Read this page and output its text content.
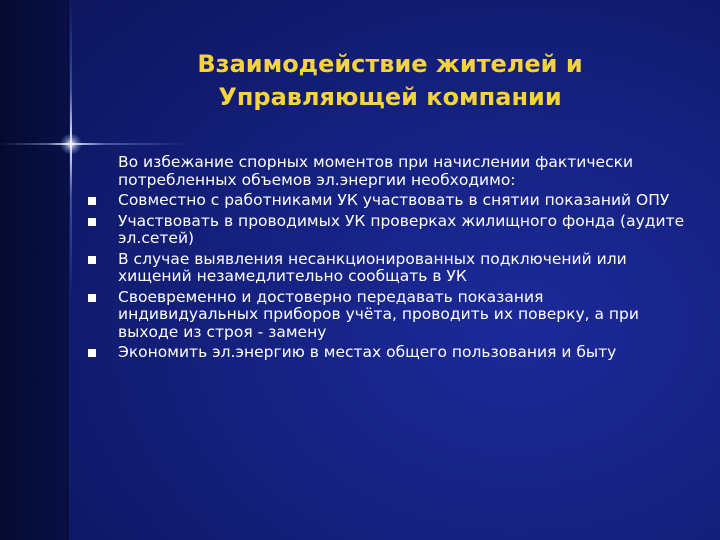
Взаимодействие жителей и
Управляющей компании

Во избежание спорных моментов при начислении фактически потребленных объемов эл.энергии необходимо:

Совместно с работниками УК участвовать в снятии показаний ОПУ
Участвовать в проводимых УК проверках жилищного фонда (аудите эл.сетей)
В случае выявления несанкционированных подключений или хищений незамедлительно сообщать в УК
Своевременно и достоверно передавать показания индивидуальных приборов учёта, проводить их поверку, а при выходе из строя - замену
Экономить эл.энергию в местах общего пользования и быту
